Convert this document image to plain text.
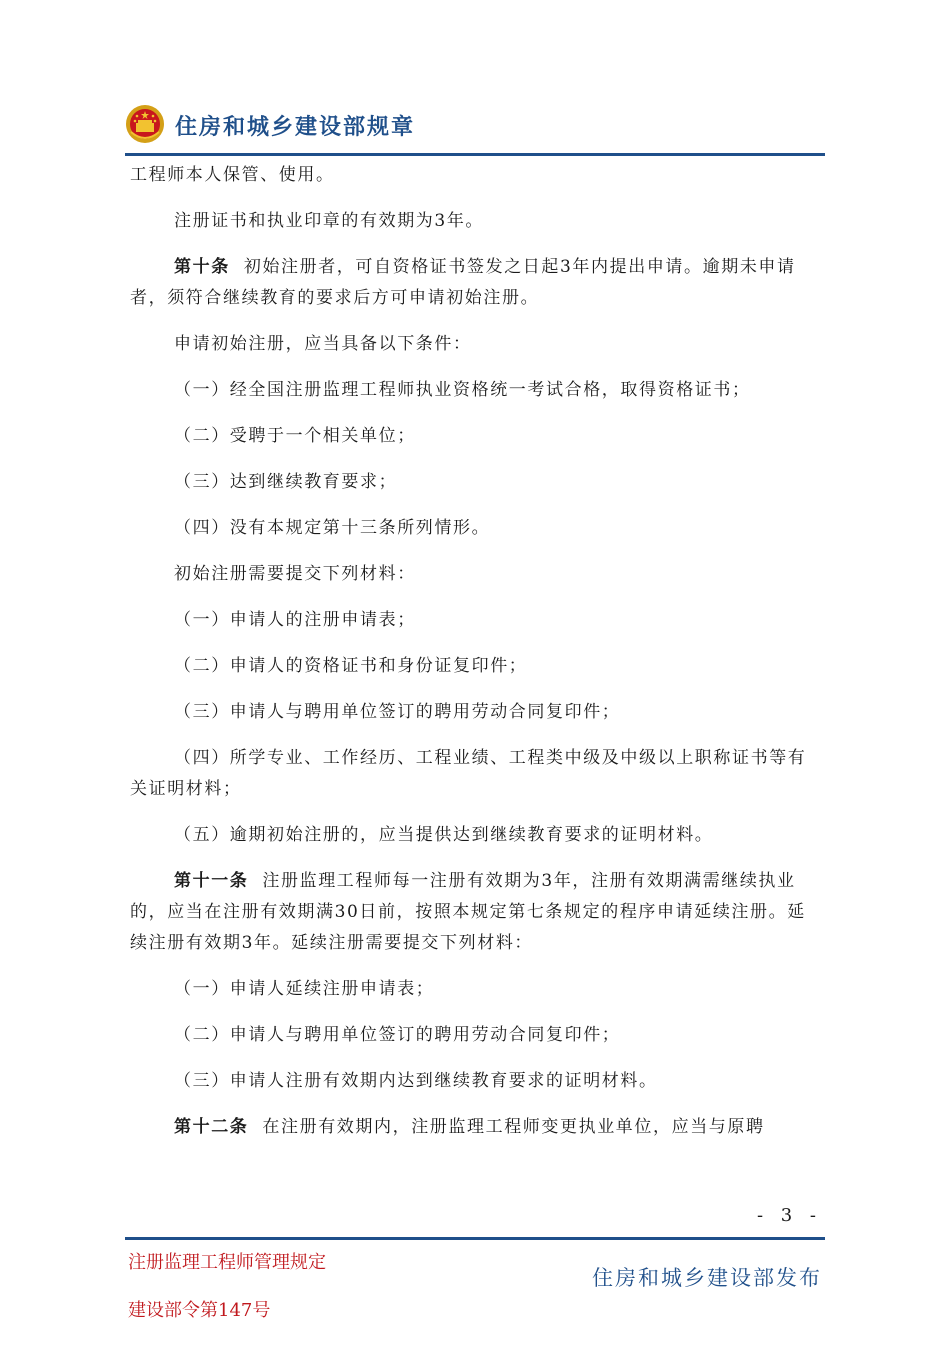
住房和城乡建设部规章

工程师本人保管、使用。

注册证书和执业印章的有效期为3年。

第十条 初始注册者，可自资格证书签发之日起3年内提出申请。逾期未申请者，须符合继续教育的要求后方可申请初始注册。

申请初始注册，应当具备以下条件：

（一）经全国注册监理工程师执业资格统一考试合格，取得资格证书；

（二）受聘于一个相关单位；

（三）达到继续教育要求；

（四）没有本规定第十三条所列情形。

初始注册需要提交下列材料：

（一）申请人的注册申请表；

（二）申请人的资格证书和身份证复印件；

（三）申请人与聘用单位签订的聘用劳动合同复印件；

（四）所学专业、工作经历、工程业绩、工程类中级及中级以上职称证书等有关证明材料；

（五）逾期初始注册的，应当提供达到继续教育要求的证明材料。

第十一条 注册监理工程师每一注册有效期为3年，注册有效期满需继续执业的，应当在注册有效期满30日前，按照本规定第七条规定的程序申请延续注册。延续注册有效期3年。延续注册需要提交下列材料：

（一）申请人延续注册申请表；

（二）申请人与聘用单位签订的聘用劳动合同复印件；

（三）申请人注册有效期内达到继续教育要求的证明材料。

第十二条 在注册有效期内，注册监理工程师变更执业单位，应当与原聘

- 3 -
注册监理工程师管理规定
建设部令第147号
住房和城乡建设部发布
